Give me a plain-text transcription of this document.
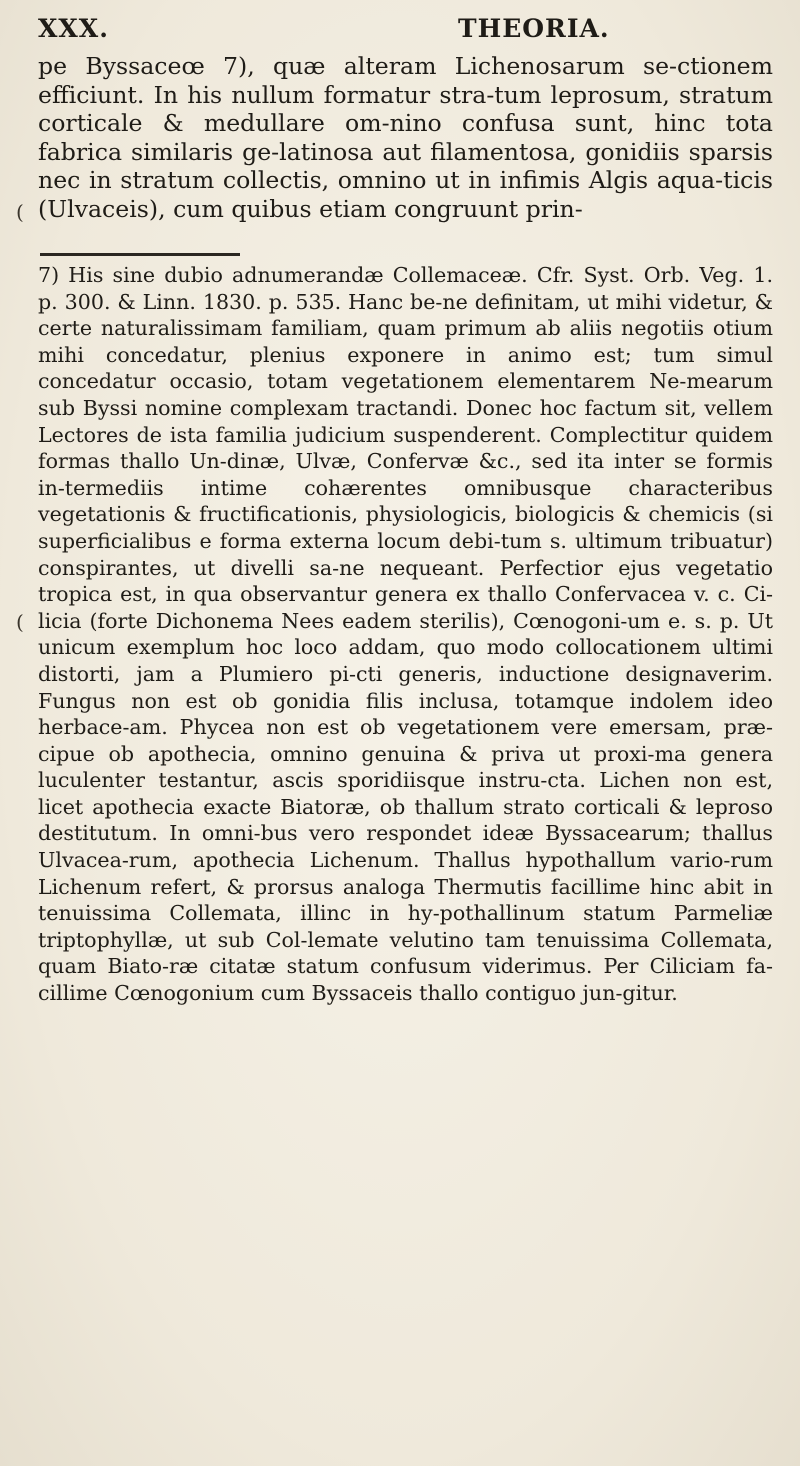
XXX.	THEORIA.

pe Byssaceœ 7), quæ alteram Lichenosarum se-ctionem efficiunt. In his nullum formatur stra-tum leprosum, stratum corticale & medullare om-nino confusa sunt, hinc tota fabrica similaris ge-latinosa aut filamentosa, gonidiis sparsis nec in stratum collectis, omnino ut in infimis Algis aqua-ticis (Ulvaceis), cum quibus etiam congruunt prin-

7) His sine dubio adnumerandæ Collemaceæ. Cfr. Syst. Orb. Veg. 1. p. 300. & Linn. 1830. p. 535. Hanc be-ne definitam, ut mihi videtur, & certe naturalissimam familiam, quam primum ab aliis negotiis otium mihi concedatur, plenius exponere in animo est; tum simul concedatur occasio, totam vegetationem elementarem Ne-mearum sub Byssi nomine complexam tractandi. Donec hoc factum sit, vellem Lectores de ista familia judicium suspenderent. Complectitur quidem formas thallo Un-dinæ, Ulvæ, Confervæ &c., sed ita inter se formis in-termediis intime cohærentes omnibusque characteribus vegetationis & fructificationis, physiologicis, biologicis & chemicis (si superficialibus e forma externa locum debi-tum s. ultimum tribuatur) conspirantes, ut divelli sa-ne nequeant. Perfectior ejus vegetatio tropica est, in qua observantur genera ex thallo Confervacea v. c. Ci-licia (forte Dichonema Nees eadem sterilis), Cœnogoni-um e. s. p. Ut unicum exemplum hoc loco addam, quo modo collocationem ultimi distorti, jam a Plumiero pi-cti generis, inductione designaverim. Fungus non est ob gonidia filis inclusa, totamque indolem ideo herbace-am. Phycea non est ob vegetationem vere emersam, præ-cipue ob apothecia, omnino genuina & priva ut proxi-ma genera luculenter testantur, ascis sporidiisque instru-cta. Lichen non est, licet apothecia exacte Biatoræ, ob thallum strato corticali & leproso destitutum. In omni-bus vero respondet ideæ Byssacearum; thallus Ulvacea-rum, apothecia Lichenum. Thallus hypothallum vario-rum Lichenum refert, & prorsus analoga Thermutis facillime hinc abit in tenuissima Collemata, illinc in hy-pothallinum statum Parmeliæ triptophyllæ, ut sub Col-lemate velutino tam tenuissima Collemata, quam Biato-ræ citatæ statum confusum viderimus. Per Ciliciam fa-cillime Cœnogonium cum Byssaceis thallo contiguo jun-gitur.

(
(
